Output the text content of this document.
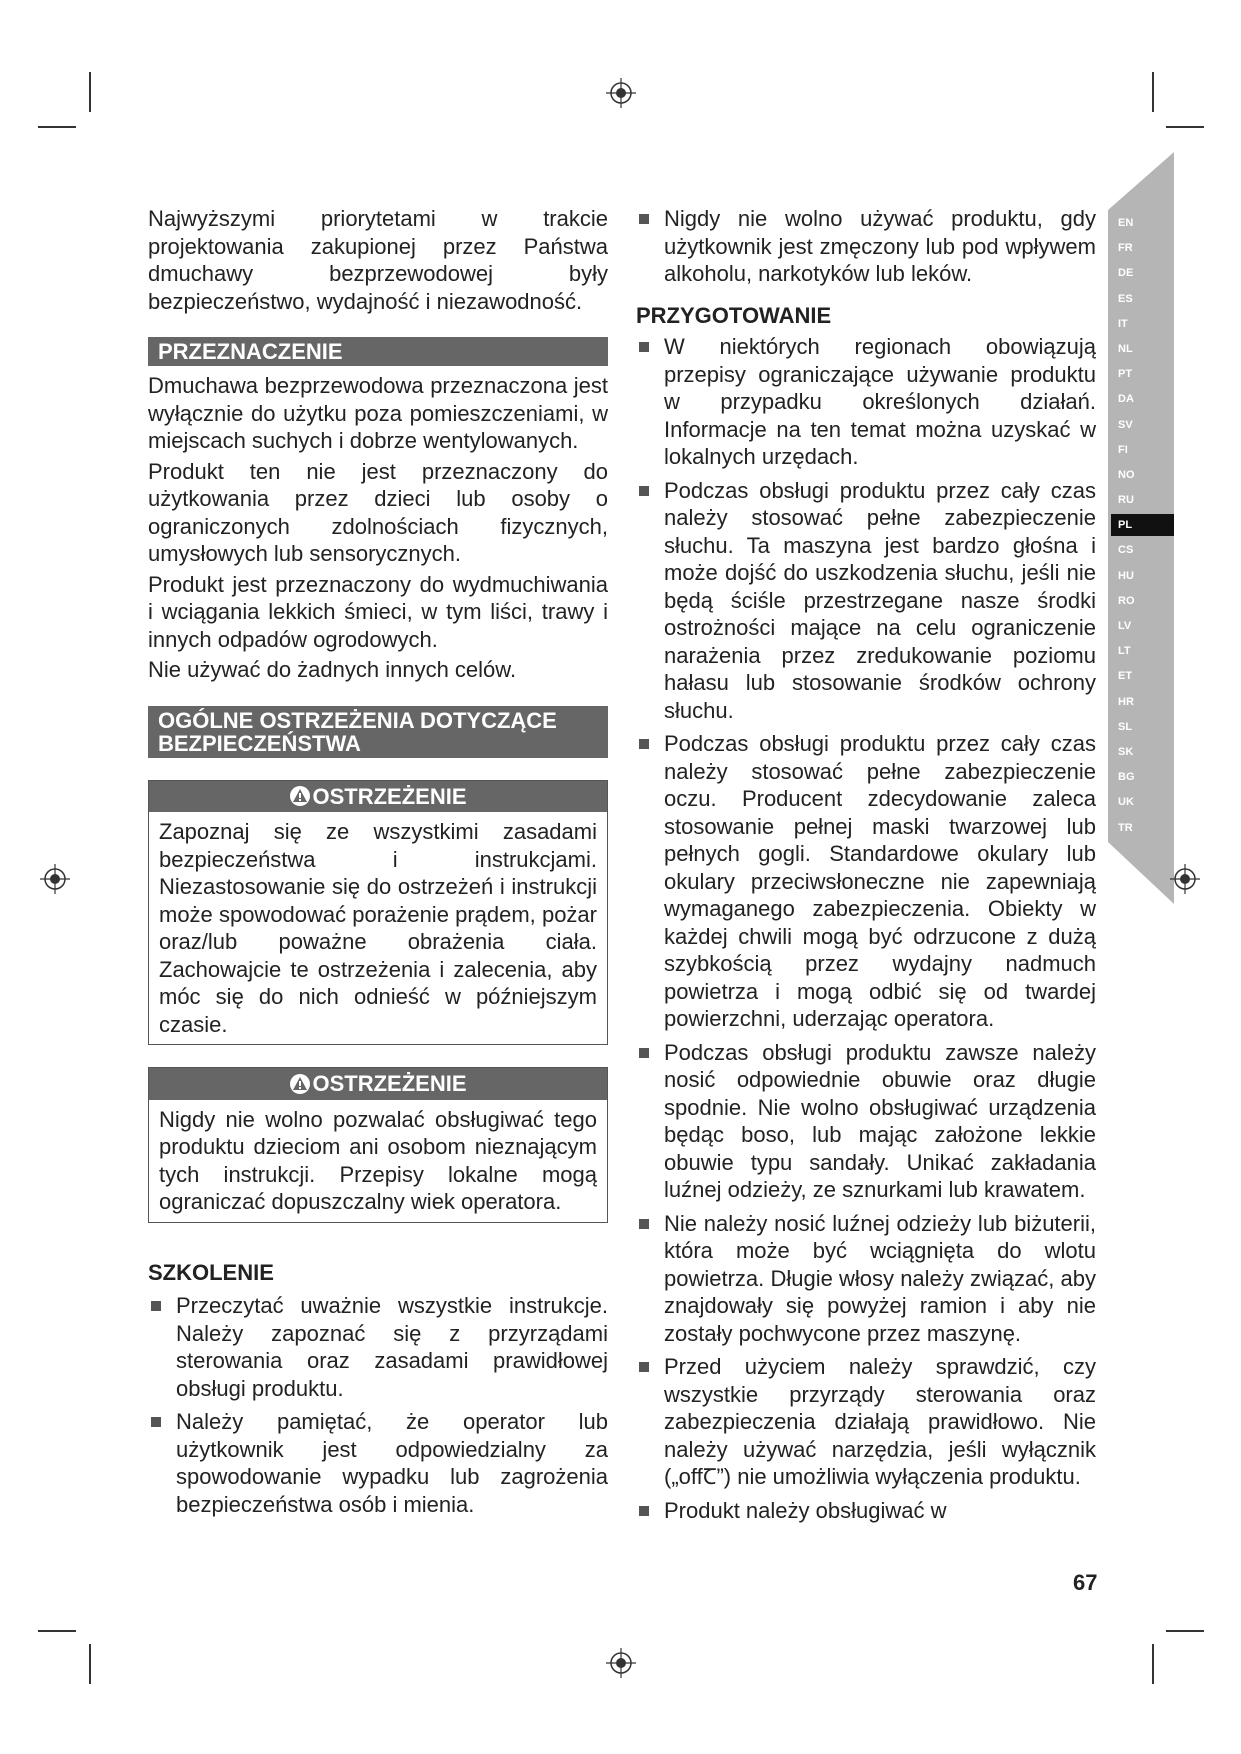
EN
FR
DE
ES
IT
NL
PT
DA
SV
FI
NO
RU
PL
CS
HU
RO
LV
LT
ET
HR
SL
SK
BG
UK
TR

Najwyższymi priorytetami w trakcie projektowania zakupionej przez Państwa dmuchawy bezprzewodowej były bezpieczeństwo, wydajność i niezawodność.

PRZEZNACZENIE

Dmuchawa bezprzewodowa przeznaczona jest wyłącznie do użytku poza pomieszczeniami, w miejscach suchych i dobrze wentylowanych.

Produkt ten nie jest przeznaczony do użytkowania przez dzieci lub osoby o ograniczonych zdolnościach fizycznych, umysłowych lub sensorycznych.

Produkt jest przeznaczony do wydmuchiwania i wciągania lekkich śmieci, w tym liści, trawy i innych odpadów ogrodowych.

Nie używać do żadnych innych celów.

OGÓLNE OSTRZEŻENIA DOTYCZĄCE
BEZPIECZEŃSTWA
OSTRZEŻENIE
Zapoznaj się ze wszystkimi zasadami bezpieczeństwa i instrukcjami. Niezastosowanie się do ostrzeżeń i instrukcji może spowodować porażenie prądem, pożar oraz/lub poważne obrażenia ciała. Zachowajcie te ostrzeżenia i zalecenia, aby móc się do nich odnieść w późniejszym czasie.
OSTRZEŻENIE
Nigdy nie wolno pozwalać obsługiwać tego produktu dzieciom ani osobom nieznającym tych instrukcji. Przepisy lokalne mogą ograniczać dopuszczalny wiek operatora.
SZKOLENIE
Przeczytać uważnie wszystkie instrukcje. Należy zapoznać się z przyrządami sterowania oraz zasadami prawidłowej obsługi produktu.
Należy pamiętać, że operator lub użytkownik jest odpowiedzialny za spowodowanie wypadku lub zagrożenia bezpieczeństwa osób i mienia.
Nigdy nie wolno używać produktu, gdy użytkownik jest zmęczony lub pod wpływem alkoholu, narkotyków lub leków.
PRZYGOTOWANIE
W niektórych regionach obowiązują przepisy ograniczające używanie produktu w przypadku określonych działań. Informacje na ten temat można uzyskać w lokalnych urzędach.
Podczas obsługi produktu przez cały czas należy stosować pełne zabezpieczenie słuchu. Ta maszyna jest bardzo głośna i może dojść do uszkodzenia słuchu, jeśli nie będą ściśle przestrzegane nasze środki ostrożności mające na celu ograniczenie narażenia przez zredukowanie poziomu hałasu lub stosowanie środków ochrony słuchu.
Podczas obsługi produktu przez cały czas należy stosować pełne zabezpieczenie oczu. Producent zdecydowanie zaleca stosowanie pełnej maski twarzowej lub pełnych gogli. Standardowe okulary lub okulary przeciwsłoneczne nie zapewniają wymaganego zabezpieczenia. Obiekty w każdej chwili mogą być odrzucone z dużą szybkością przez wydajny nadmuch powietrza i mogą odbić się od twardej powierzchni, uderzając operatora.
Podczas obsługi produktu zawsze należy nosić odpowiednie obuwie oraz długie spodnie. Nie wolno obsługiwać urządzenia będąc boso, lub mając założone lekkie obuwie typu sandały. Unikać zakładania luźnej odzieży, ze sznurkami lub krawatem.
Nie należy nosić luźnej odzieży lub biżuterii, która może być wciągnięta do wlotu powietrza. Długie włosy należy związać, aby znajdowały się powyżej ramion i aby nie zostały pochwycone przez maszynę.
Przed użyciem należy sprawdzić, czy wszystkie przyrządy sterowania oraz zabezpieczenia działają prawidłowo. Nie należy używać narzędzia, jeśli wyłącznik („offꞆ”) nie umożliwia wyłączenia produktu.
Produkt należy obsługiwać w
67
